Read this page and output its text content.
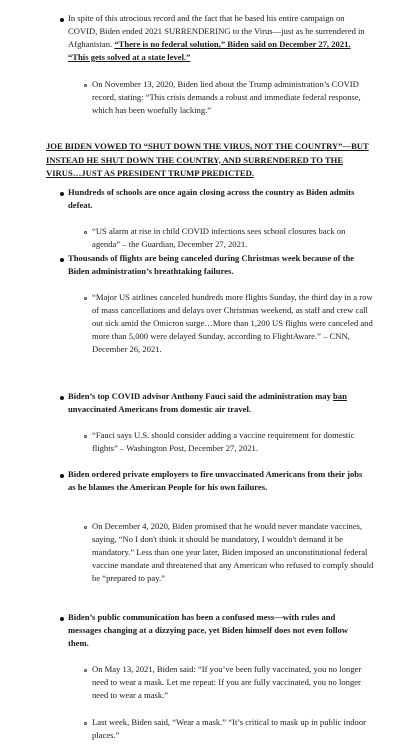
In spite of this atrocious record and the fact that he based his entire campaign on COVID, Biden ended 2021 SURRENDERING to the Virus—just as he surrendered in Afghanistan. “There is no federal solution,” Biden said on December 27, 2021. “This gets solved at a state level.”

On November 13, 2020, Biden lied about the Trump administration’s COVID record, stating: “This crisis demands a robust and immediate federal response, which has been woefully lacking.”

JOE BIDEN VOWED TO “SHUT DOWN THE VIRUS, NOT THE COUNTRY”—BUT INSTEAD HE SHUT DOWN THE COUNTRY, AND SURRENDERED TO THE VIRUS…JUST AS PRESIDENT TRUMP PREDICTED.

Hundreds of schools are once again closing across the country as Biden admits defeat.

“US alarm at rise in child COVID infections sees school closures back on agenda” – the Guardian, December 27, 2021.

Thousands of flights are being canceled during Christmas week because of the Biden administration’s breathtaking failures.

“Major US airlines canceled hundreds more flights Sunday, the third day in a row of mass cancellations and delays over Christmas weekend, as staff and crew call out sick amid the Omicron surge…More than 1,200 US flights were canceled and more than 5,000 were delayed Sunday, according to FlightAware.” – CNN, December 26, 2021.

Biden’s top COVID advisor Anthony Fauci said the administration may ban unvaccinated Americans from domestic air travel.

“Fauci says U.S. should consider adding a vaccine requirement for domestic flights” – Washington Post, December 27, 2021.

Biden ordered private employers to fire unvaccinated Americans from their jobs as he blames the American People for his own failures.

On December 4, 2020, Biden promised that he would never mandate vaccines, saying, “No I don't think it should be mandatory, I wouldn't demand it be mandatory.” Less than one year later, Biden imposed an unconstitutional federal vaccine mandate and threatened that any American who refused to comply should be “prepared to pay.”

Biden’s public communication has been a confused mess—with rules and messages changing at a dizzying pace, yet Biden himself does not even follow them.

On May 13, 2021, Biden said: “If you’ve been fully vaccinated, you no longer need to wear a mask. Let me repeat: If you are fully vaccinated, you no longer need to wear a mask.”

Last week, Biden said, “Wear a mask.” “It’s critical to mask up in public indoor places.”
